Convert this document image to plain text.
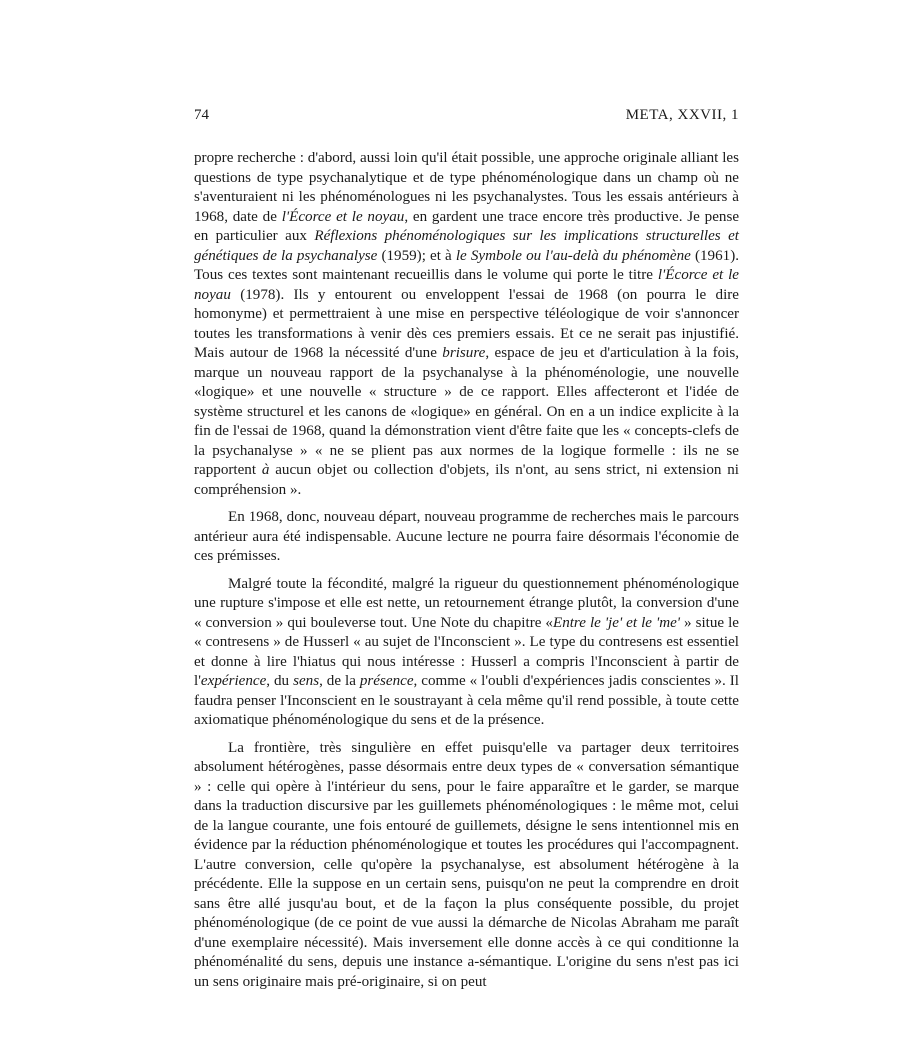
74	META, XXVII, 1

propre recherche : d'abord, aussi loin qu'il était possible, une approche originale alliant les questions de type psychanalytique et de type phénoménologique dans un champ où ne s'aventuraient ni les phénoménologues ni les psychanalystes. Tous les essais antérieurs à 1968, date de l'Écorce et le noyau, en gardent une trace encore très productive. Je pense en particulier aux Réflexions phénoménologiques sur les implications structurelles et génétiques de la psychanalyse (1959); et à le Symbole ou l'au-delà du phénomène (1961). Tous ces textes sont maintenant recueillis dans le volume qui porte le titre l'Écorce et le noyau (1978). Ils y entourent ou enveloppent l'essai de 1968 (on pourra le dire homonyme) et permettraient à une mise en perspective téléologique de voir s'annoncer toutes les transformations à venir dès ces premiers essais. Et ce ne serait pas injustifié. Mais autour de 1968 la nécessité d'une brisure, espace de jeu et d'articulation à la fois, marque un nouveau rapport de la psychanalyse à la phénoménologie, une nouvelle «logique» et une nouvelle « structure » de ce rapport. Elles affecteront et l'idée de système structurel et les canons de «logique» en général. On en a un indice explicite à la fin de l'essai de 1968, quand la démonstration vient d'être faite que les « concepts-clefs de la psychanalyse » « ne se plient pas aux normes de la logique formelle : ils ne se rapportent à aucun objet ou collection d'objets, ils n'ont, au sens strict, ni extension ni compréhension ».

En 1968, donc, nouveau départ, nouveau programme de recherches mais le parcours antérieur aura été indispensable. Aucune lecture ne pourra faire désormais l'économie de ces prémisses.

Malgré toute la fécondité, malgré la rigueur du questionnement phénoménologique une rupture s'impose et elle est nette, un retournement étrange plutôt, la conversion d'une « conversion » qui bouleverse tout. Une Note du chapitre «Entre le 'je' et le 'me' » situe le « contresens » de Husserl « au sujet de l'Inconscient ». Le type du contresens est essentiel et donne à lire l'hiatus qui nous intéresse : Husserl a compris l'Inconscient à partir de l'expérience, du sens, de la présence, comme « l'oubli d'expériences jadis conscientes ». Il faudra penser l'Inconscient en le soustrayant à cela même qu'il rend possible, à toute cette axiomatique phénoménologique du sens et de la présence.

La frontière, très singulière en effet puisqu'elle va partager deux territoires absolument hétérogènes, passe désormais entre deux types de « conversation sémantique » : celle qui opère à l'intérieur du sens, pour le faire apparaître et le garder, se marque dans la traduction discursive par les guillemets phénoménologiques : le même mot, celui de la langue courante, une fois entouré de guillemets, désigne le sens intentionnel mis en évidence par la réduction phénoménologique et toutes les procédures qui l'accompagnent. L'autre conversion, celle qu'opère la psychanalyse, est absolument hétérogène à la précédente. Elle la suppose en un certain sens, puisqu'on ne peut la comprendre en droit sans être allé jusqu'au bout, et de la façon la plus conséquente possible, du projet phénoménologique (de ce point de vue aussi la démarche de Nicolas Abraham me paraît d'une exemplaire nécessité). Mais inversement elle donne accès à ce qui conditionne la phénoménalité du sens, depuis une instance a-sémantique. L'origine du sens n'est pas ici un sens originaire mais pré-originaire, si on peut
